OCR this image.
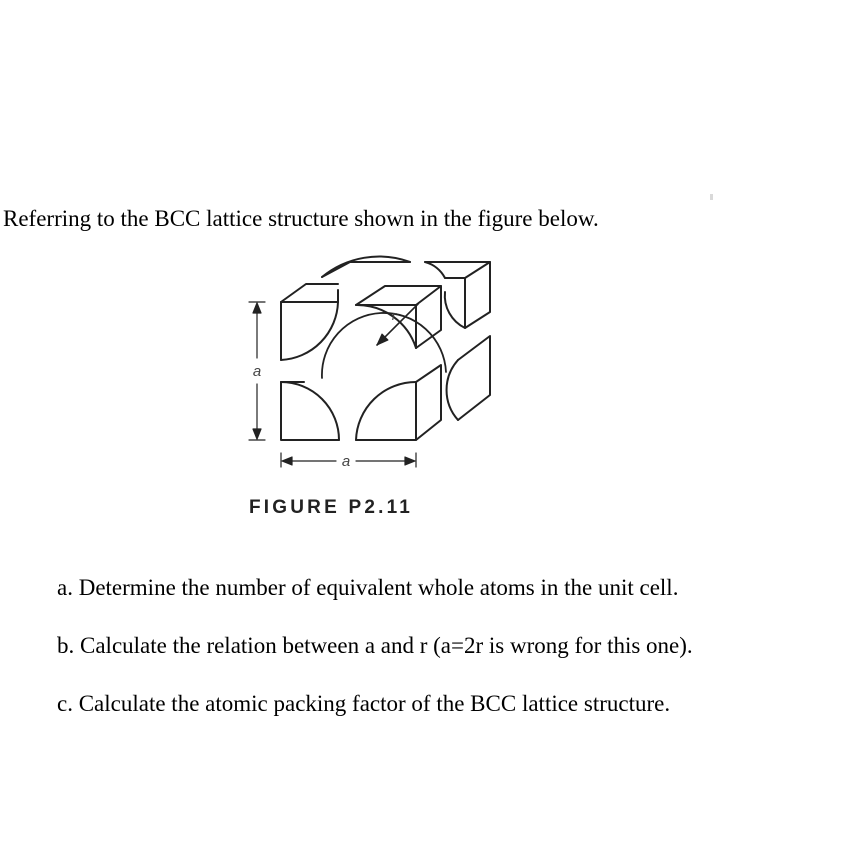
Referring to the BCC lattice structure shown in the figure below.

a
a
r
FIGURE P2.11
a. Determine the number of equivalent whole atoms in the unit cell.
b. Calculate the relation between a and r (a=2r is wrong for this one).
c. Calculate the atomic packing factor of the BCC lattice structure.
